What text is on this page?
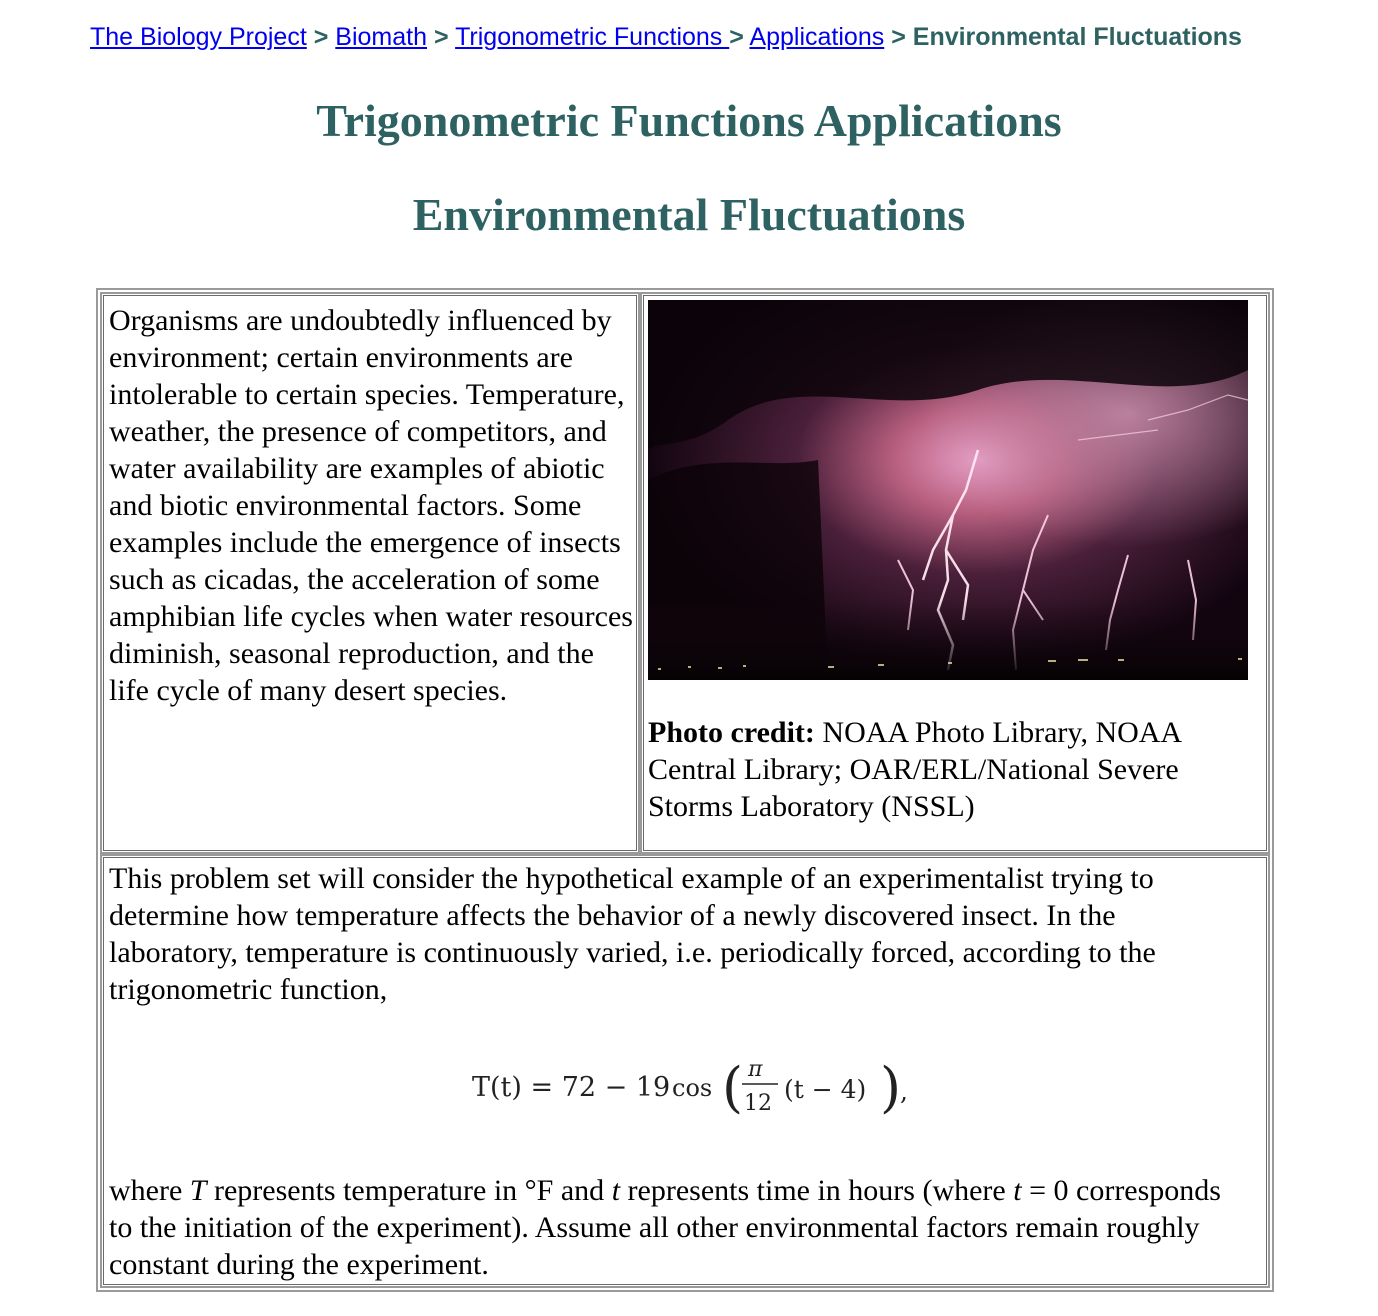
The Biology Project > Biomath > Trigonometric Functions > Applications > Environmental Fluctuations
Trigonometric Functions Applications
Environmental Fluctuations
Organisms are undoubtedly influenced by environment; certain environments are intolerable to certain species. Temperature, weather, the presence of competitors, and water availability are examples of abiotic and biotic environmental factors. Some examples include the emergence of insects such as cicadas, the acceleration of some amphibian life cycles when water resources diminish, seasonal reproduction, and the life cycle of many desert species.
Photo credit: NOAA Photo Library, NOAA Central Library; OAR/ERL/National Severe Storms Laboratory (NSSL)
This problem set will consider the hypothetical example of an experimentalist trying to determine how temperature affects the behavior of a newly discovered insect. In the laboratory, temperature is continuously varied, i.e. periodically forced, according to the trigonometric function,
T(t) = 72 − 19 cos ( π
12 (t − 4) )
,
where T represents temperature in °F and t represents time in hours (where t = 0 corresponds to the initiation of the experiment). Assume all other environmental factors remain roughly constant during the experiment.
